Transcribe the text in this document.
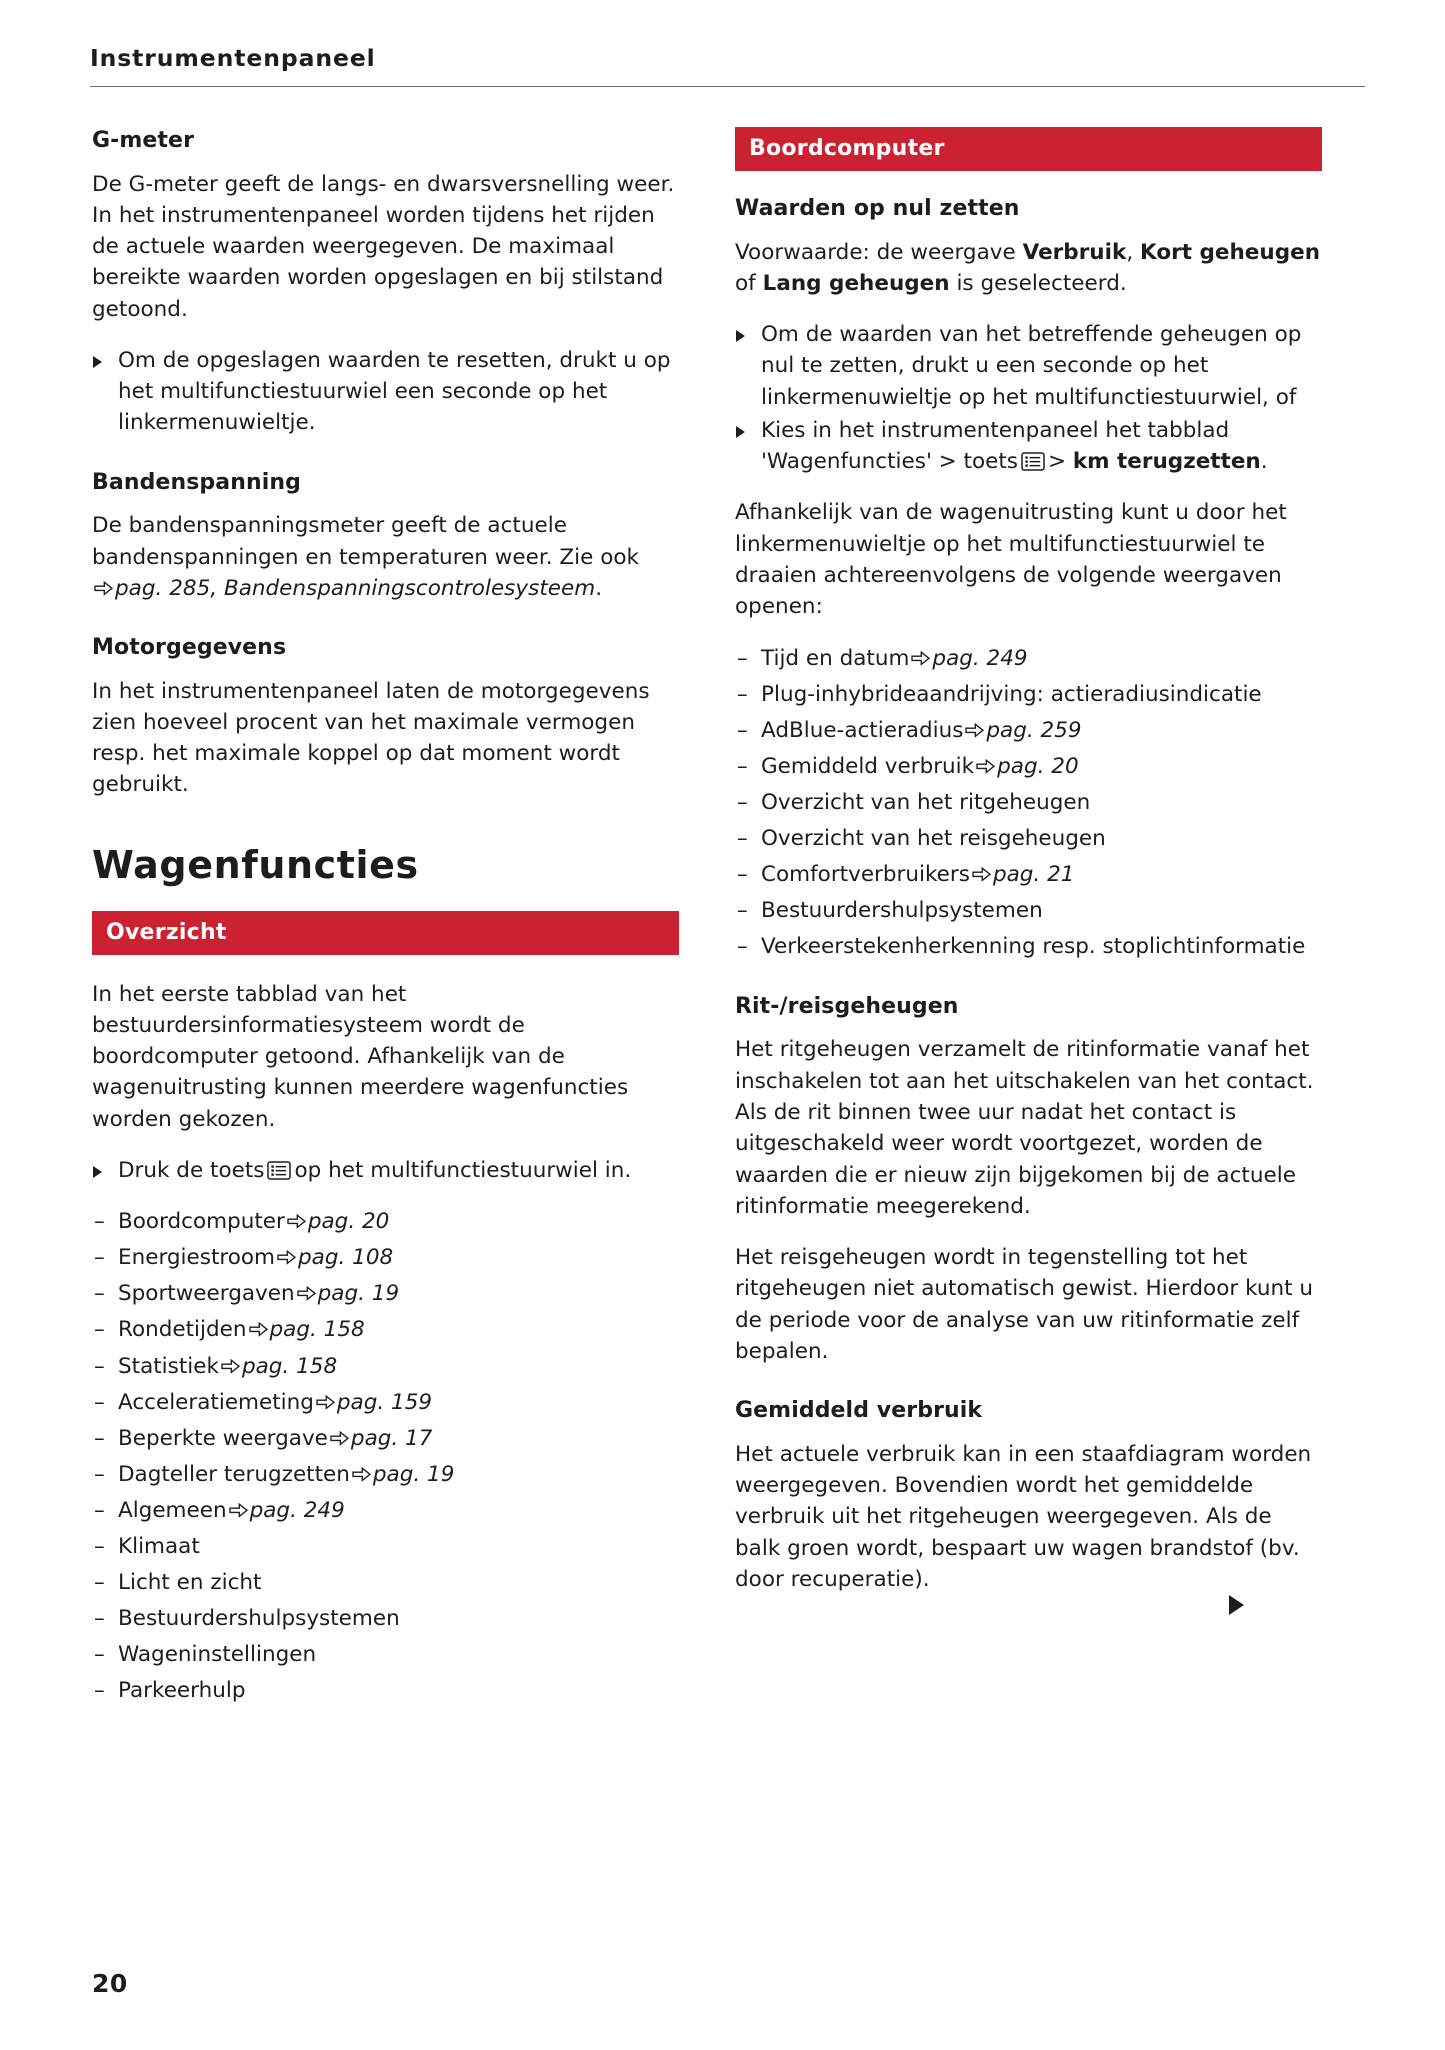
Instrumentenpaneel
G-meter

De G-meter geeft de langs- en dwarsversnelling weer. In het instrumentenpaneel worden tijdens het rijden de actuele waarden weergegeven. De maximaal bereikte waarden worden opgeslagen en bij stilstand getoond.

Om de opgeslagen waarden te resetten, drukt u op het multifunctiestuurwiel een seconde op het linkermenuwieltje.
Bandenspanning

De bandenspanningsmeter geeft de actuele bandenspanningen en temperaturen weer. Zie ook

pag. 285, Bandenspanningscontrolesysteem.

Motorgegevens

In het instrumentenpaneel laten de motorgegevens zien hoeveel procent van het maximale vermogen resp. het maximale koppel op dat moment wordt gebruikt.

Wagenfuncties
Overzicht

In het eerste tabblad van het bestuurdersinformatiesysteem wordt de boordcomputer getoond. Afhankelijk van de wagenuitrusting kunnen meerdere wagenfuncties worden gekozen.

Druk de toets op het multifunctiestuurwiel in.
– Boordcomputer pag. 20
– Energiestroom pag. 108
– Sportweergaven pag. 19
– Rondetijden pag. 158
– Statistiek pag. 158
– Acceleratiemeting pag. 159
– Beperkte weergave pag. 17
– Dagteller terugzetten pag. 19
– Algemeen pag. 249
– Klimaat
– Licht en zicht
– Bestuurdershulpsystemen
– Wageninstellingen
– Parkeerhulp
Boordcomputer
Waarden op nul zetten

Voorwaarde: de weergave Verbruik, Kort geheugen of Lang geheugen is geselecteerd.

Om de waarden van het betreffende geheugen op nul te zetten, drukt u een seconde op het linkermenuwieltje op het multifunctiestuurwiel, of
Kies in het instrumentenpaneel het tabblad 'Wagenfuncties' > toets > km terugzetten.

Afhankelijk van de wagenuitrusting kunt u door het linkermenuwieltje op het multifunctiestuurwiel te draaien achtereenvolgens de volgende weergaven openen:

– Tijd en datum pag. 249
– Plug-inhybrideaandrijving: actieradiusindicatie
– AdBlue-actieradius pag. 259
– Gemiddeld verbruik pag. 20
– Overzicht van het ritgeheugen
– Overzicht van het reisgeheugen
– Comfortverbruikers pag. 21
– Bestuurdershulpsystemen
– Verkeerstekenherkenning resp. stoplichtinformatie
Rit-/reisgeheugen

Het ritgeheugen verzamelt de ritinformatie vanaf het inschakelen tot aan het uitschakelen van het contact. Als de rit binnen twee uur nadat het contact is uitgeschakeld weer wordt voortgezet, worden de waarden die er nieuw zijn bijgekomen bij de actuele ritinformatie meegerekend.

Het reisgeheugen wordt in tegenstelling tot het ritgeheugen niet automatisch gewist. Hierdoor kunt u de periode voor de analyse van uw ritinformatie zelf bepalen.

Gemiddeld verbruik

Het actuele verbruik kan in een staafdiagram worden weergegeven. Bovendien wordt het gemiddelde verbruik uit het ritgeheugen weergegeven. Als de balk groen wordt, bespaart uw wagen brandstof (bv. door recuperatie).

20
